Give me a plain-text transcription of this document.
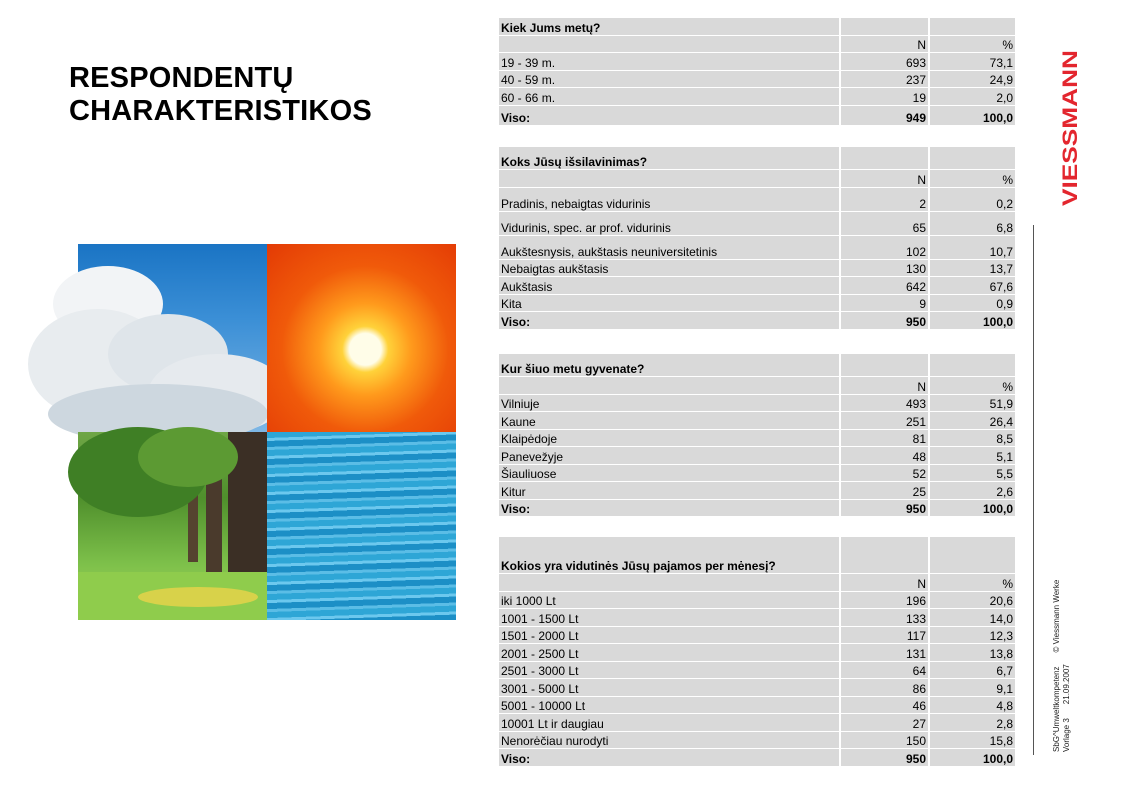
RESPONDENTŲ
CHARAKTERISTIKOS	VIESSMANN
SbG^Umweltkompetenz
© Viessmann Werke
Vorlage 3
21.09.2007
Kiek Jums metų?		
	N	%
19 - 39 m.	693	73,1
40 - 59 m.	237	24,9
60 - 66 m.	19	2,0
Viso:	949	100,0
Koks Jūsų išsilavinimas?		
	N	%
Pradinis, nebaigtas vidurinis	2	0,2
Vidurinis, spec. ar prof. vidurinis	65	6,8
Aukštesnysis, aukštasis neuniversitetinis	102	10,7
Nebaigtas aukštasis	130	13,7
Aukštasis	642	67,6
Kita	9	0,9
Viso:	950	100,0
Kur šiuo metu gyvenate?		
	N	%
Vilniuje	493	51,9
Kaune	251	26,4
Klaipėdoje	81	8,5
Panevežyje	48	5,1
Šiauliuose	52	5,5
Kitur	25	2,6
Viso:	950	100,0
Kokios yra vidutinės Jūsų pajamos per mėnesį?		
	N	%
iki 1000 Lt	196	20,6
1001 - 1500 Lt	133	14,0
1501 - 2000 Lt	117	12,3
2001 - 2500 Lt	131	13,8
2501 - 3000 Lt	64	6,7
3001 - 5000 Lt	86	9,1
5001 - 10000 Lt	46	4,8
10001 Lt ir daugiau	27	2,8
Nenorėčiau nurodyti	150	15,8
Viso:	950	100,0
